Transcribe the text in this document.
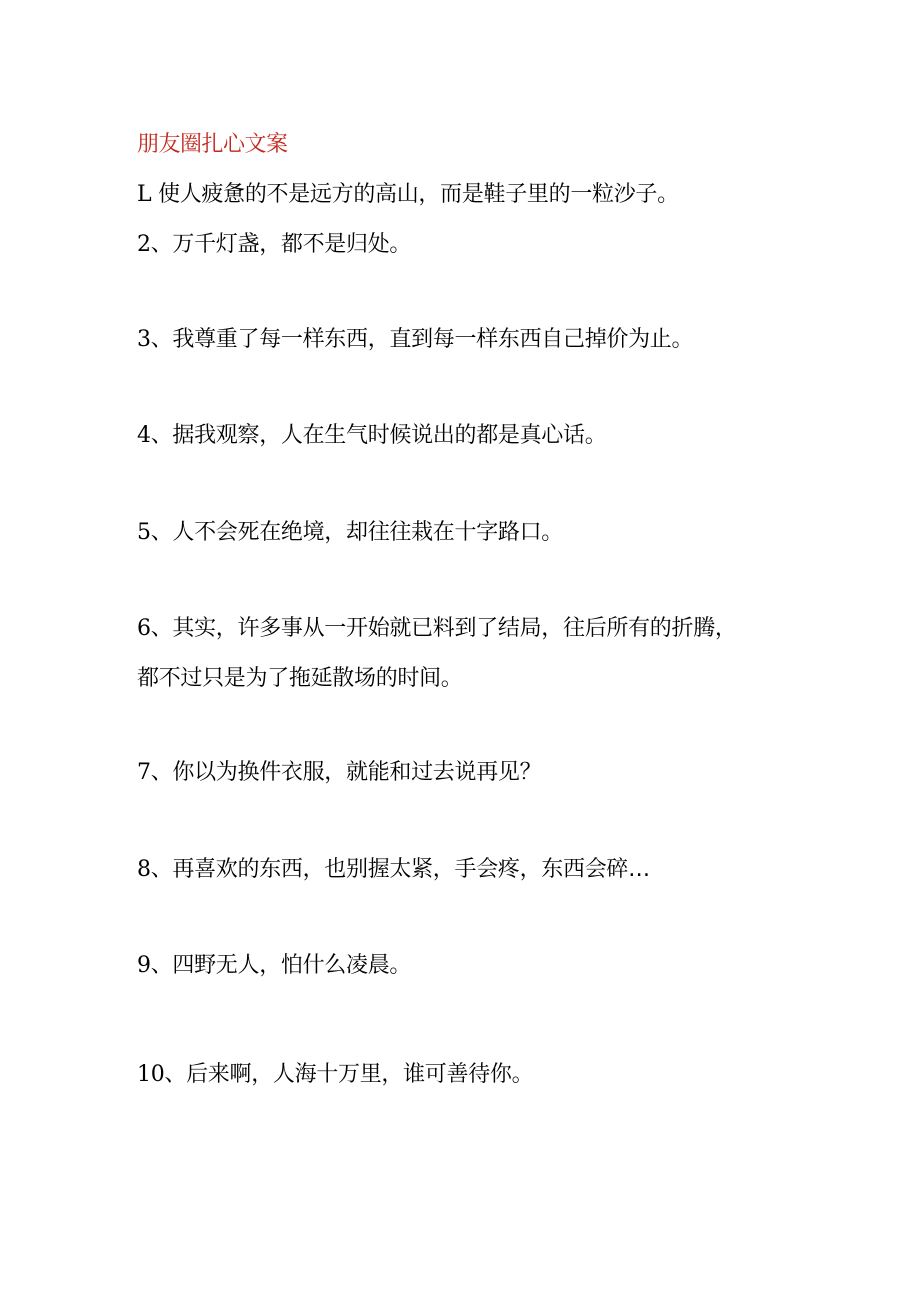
朋友圈扎心文案
L 使人疲惫的不是远方的高山，而是鞋子里的一粒沙子。
2、万千灯盏，都不是归处。
3、我尊重了每一样东西，直到每一样东西自己掉价为止。
4、据我观察，人在生气时候说出的都是真心话。
5、人不会死在绝境，却往往栽在十字路口。
6、其实，许多事从一开始就已料到了结局，往后所有的折腾，
都不过只是为了拖延散场的时间。
7、你以为换件衣服，就能和过去说再见？
8、再喜欢的东西，也别握太紧，手会疼，东西会碎…
9、四野无人，怕什么凌晨。
10、后来啊，人海十万里，谁可善待你。
